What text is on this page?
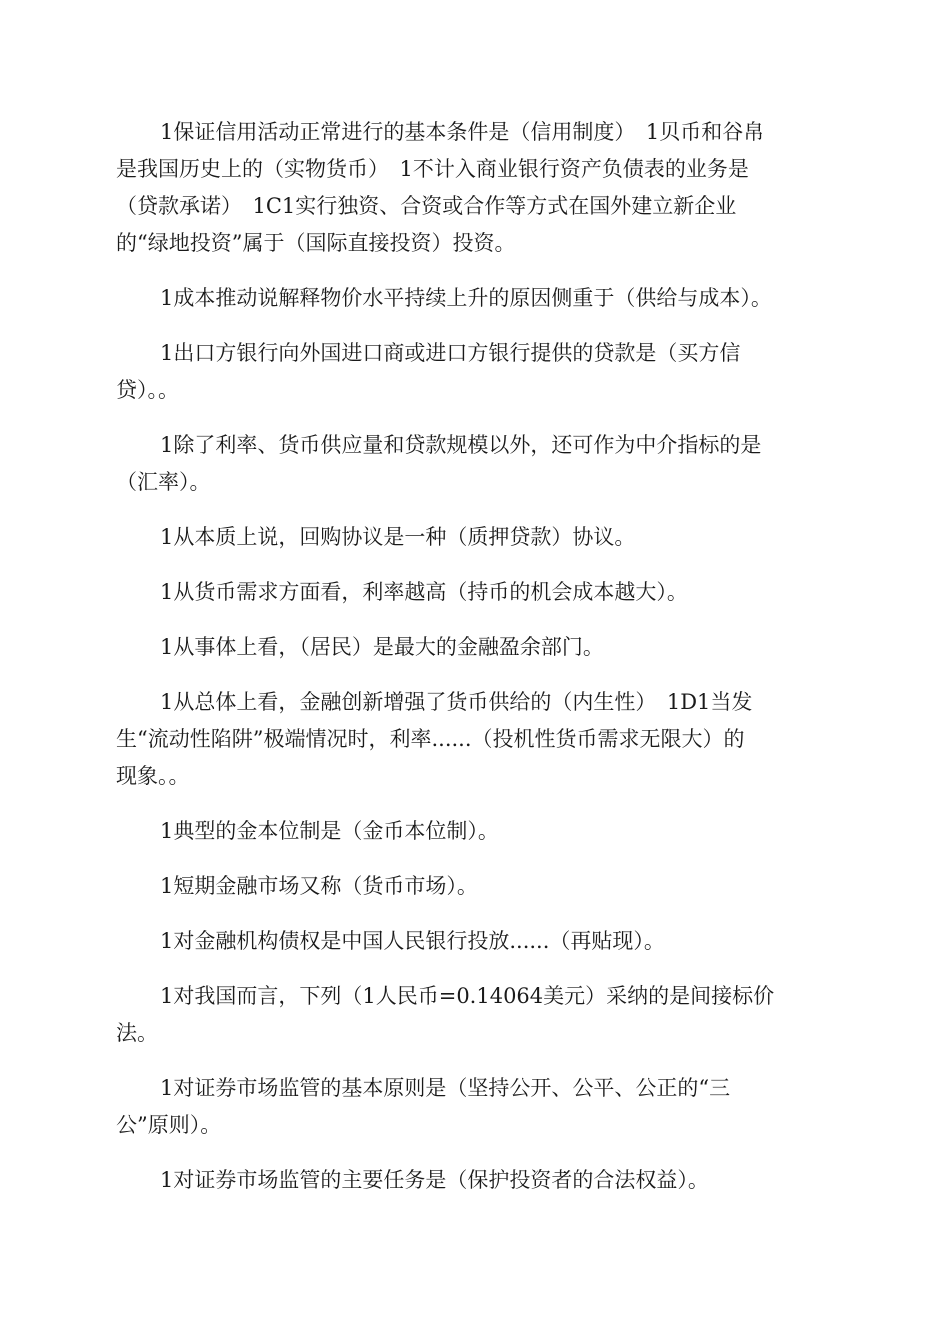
1保证信用活动正常进行的基本条件是（信用制度）　1贝币和谷帛
是我国历史上的（实物货币）　1不计入商业银行资产负债表的业务是
（贷款承诺）　1C1实行独资、合资或合作等方式在国外建立新企业
的“绿地投资”属于（国际直接投资）投资。

1成本推动说解释物价水平持续上升的原因侧重于（供给与成本）。

1出口方银行向外国进口商或进口方银行提供的贷款是（买方信
贷）。。

1除了利率、货币供应量和贷款规模以外，还可作为中介指标的是
（汇率）。

1从本质上说，回购协议是一种（质押贷款）协议。

1从货币需求方面看，利率越高（持币的机会成本越大）。

1从事体上看，（居民）是最大的金融盈余部门。

1从总体上看，金融创新增强了货币供给的（内生性）　1D1当发
生“流动性陷阱”极端情况时，利率......（投机性货币需求无限大）的
现象。。

1典型的金本位制是（金币本位制）。

1短期金融市场又称（货币市场）。

1对金融机构债权是中国人民银行投放......（再贴现）。

1对我国而言，下列（1人民币=0.14064美元）采纳的是间接标价
法。

1对证券市场监管的基本原则是（坚持公开、公平、公正的“三
公”原则）。

1对证券市场监管的主要任务是（保护投资者的合法权益）。
